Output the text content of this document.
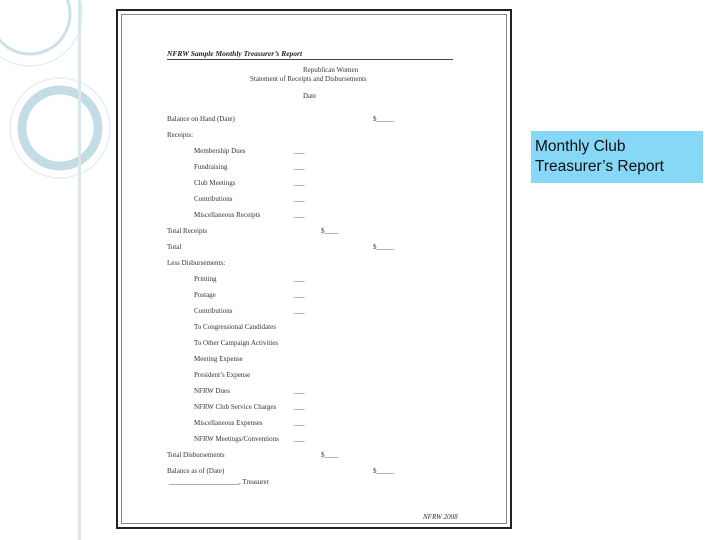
NFRW Sample Monthly Treasurer’s Report
Republican Women
Statement of Receipts and Disbursements
Date
Balance on Hand (Date)	$_____
Receipts:
Membership Dues	___
Fundraising	___
Club Meetings	___
Contributions	___
Miscellaneous Receipts	___
Total Receipts	$____
Total	$_____
Less Disbursements:
Printing	___
Postage	___
Contributions	___
To Congressional Candidates
To Other Campaign Activities
Meeting Expense
President’s Expense
NFRW Dues	___
NFRW Club Service Charges	___
Miscellaneous Expenses	___
NFRW Meetings/Conventions ___
Total Disbursements	$____
Balance as of (Date)	$_____
____________________, Treasurer
NFRW 2008
Monthly Club
Treasurer’s Report
